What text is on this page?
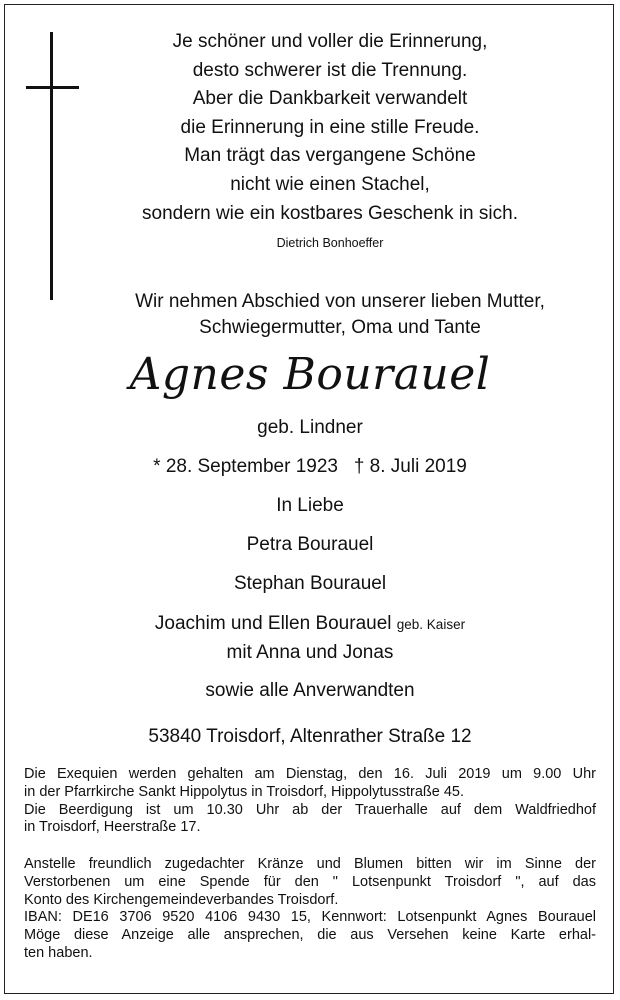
Je schöner und voller die Erinnerung,
desto schwerer ist die Trennung.
Aber die Dankbarkeit verwandelt
die Erinnerung in eine stille Freude.
Man trägt das vergangene Schöne
nicht wie einen Stachel,
sondern wie ein kostbares Geschenk in sich.
Dietrich Bonhoeffer
Wir nehmen Abschied von unserer lieben Mutter,
Schwiegermutter, Oma und Tante
Agnes Bourauel
geb. Lindner
* 28. September 1923   † 8. Juli 2019
In Liebe
Petra Bourauel
Stephan Bourauel
Joachim und Ellen Bourauel geb. Kaiser
mit Anna und Jonas
sowie alle Anverwandten
53840 Troisdorf, Altenrather Straße 12
Die Exequien werden gehalten am Dienstag, den 16. Juli 2019 um 9.00 Uhr
in der Pfarrkirche Sankt Hippolytus in Troisdorf, Hippolytusstraße 45.
Die Beerdigung ist um 10.30 Uhr ab der Trauerhalle auf dem Waldfriedhof
in Troisdorf, Heerstraße 17.
Anstelle freundlich zugedachter Kränze und Blumen bitten wir im Sinne der
Verstorbenen um eine Spende für den " Lotsenpunkt Troisdorf ", auf das
Konto des Kirchengemeindeverbandes Troisdorf.
IBAN: DE16 3706 9520 4106 9430 15, Kennwort: Lotsenpunkt Agnes Bourauel
Möge diese Anzeige alle ansprechen, die aus Versehen keine Karte erhal-
ten haben.
